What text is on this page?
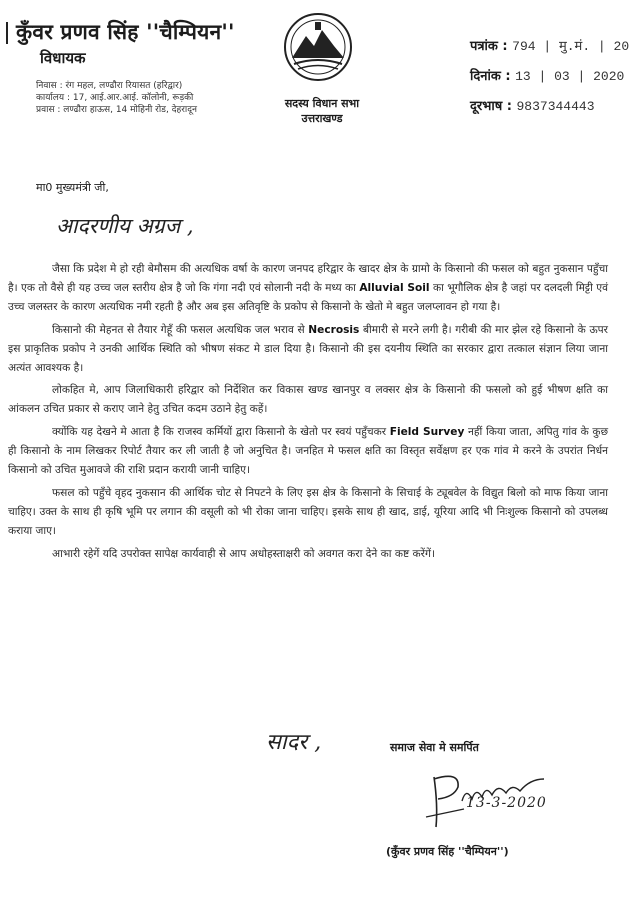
कुँवर प्रणव सिंह ''चैम्पियन''
विधायक
निवास : रंग महल, लण्ढौरा रियासत (हरिद्वार)
कार्यालय : 17, आई.आर.आई. कॉलोनी, रूड़की
प्रवास : लण्ढौरा हाऊस, 14 मोहिनी रोड, देहरादून	सदस्य विधान सभा
उत्तराखण्ड
पत्रांक : 794 | मु.मं. | 20
दिनांक : 13 | 03 | 2020
दूरभाष : 9837344443
मा0 मुख्यमंत्री जी,
आदरणीय अग्रज ,

जैसा कि प्रदेश मे हो रही बेमौसम की अत्यधिक वर्षा के कारण जनपद हरिद्वार के खादर क्षेत्र के ग्रामो के किसानो की फसल को बहुत नुकसान पहुँचा है। एक तो वैसे ही यह उच्च जल स्तरीय क्षेत्र है जो कि गंगा नदी एवं सोलानी नदी के मध्य का Alluvial Soil का भूगौलिक क्षेत्र है जहां पर दलदली मिट्टी एवं उच्च जलस्तर के कारण अत्यधिक नमी रहती है और अब इस अतिवृष्टि के प्रकोप से किसानो के खेतो मे बहुत जलप्लावन हो गया है।

किसानो की मेहनत से तैयार गेहूँ की फसल अत्यधिक जल भराव से Necrosis बीमारी से मरने लगी है। गरीबी की मार झेल रहे किसानो के ऊपर इस प्राकृतिक प्रकोप ने उनकी आर्थिक स्थिति को भीषण संकट मे डाल दिया है। किसानो की इस दयनीय स्थिति का सरकार द्वारा तत्काल संज्ञान लिया जाना अत्यंत आवश्यक है।

लोकहित मे, आप जिलाधिकारी हरिद्वार को निर्देशित कर विकास खण्ड खानपुर व लक्सर क्षेत्र के किसानो की फसलो को हुई भीषण क्षति का आंकलन उचित प्रकार से कराए जाने हेतु उचित कदम उठाने हेतु कहें।

क्योंकि यह देखने मे आता है कि राजस्व कर्मियों द्वारा किसानो के खेतो पर स्वयं पहुँचकर Field Survey नहीं किया जाता, अपितु गांव के कुछ ही किसानो के नाम लिखकर रिपोर्ट तैयार कर ली जाती है जो अनुचित है। जनहित मे फसल क्षति का विस्तृत सर्वेक्षण हर एक गांव मे करने के उपरांत निर्धन किसानो को उचित मुआवजे की राशि प्रदान करायी जानी चाहिए।

फसल को पहुँचे वृहद नुकसान की आर्थिक चोट से निपटने के लिए इस क्षेत्र के किसानो के सिचाई के ट्यूबवेल के विद्युत बिलो को माफ किया जाना चाहिए। उक्त के साथ ही कृषि भूमि पर लगान की वसूली को भी रोका जाना चाहिए। इसके साथ ही खाद, डाई, यूरिया आदि भी निःशुल्क किसानो को उपलब्ध कराया जाए।

आभारी रहेगें यदि उपरोक्त सापेक्ष कार्यवाही से आप अधोहस्ताक्षरी को अवगत करा देने का कष्ट करेंगें।

सादर ,	समाज सेवा मे समर्पित
13-3-2020
(कुँवर प्रणव सिंह ''चैम्पियन'')
